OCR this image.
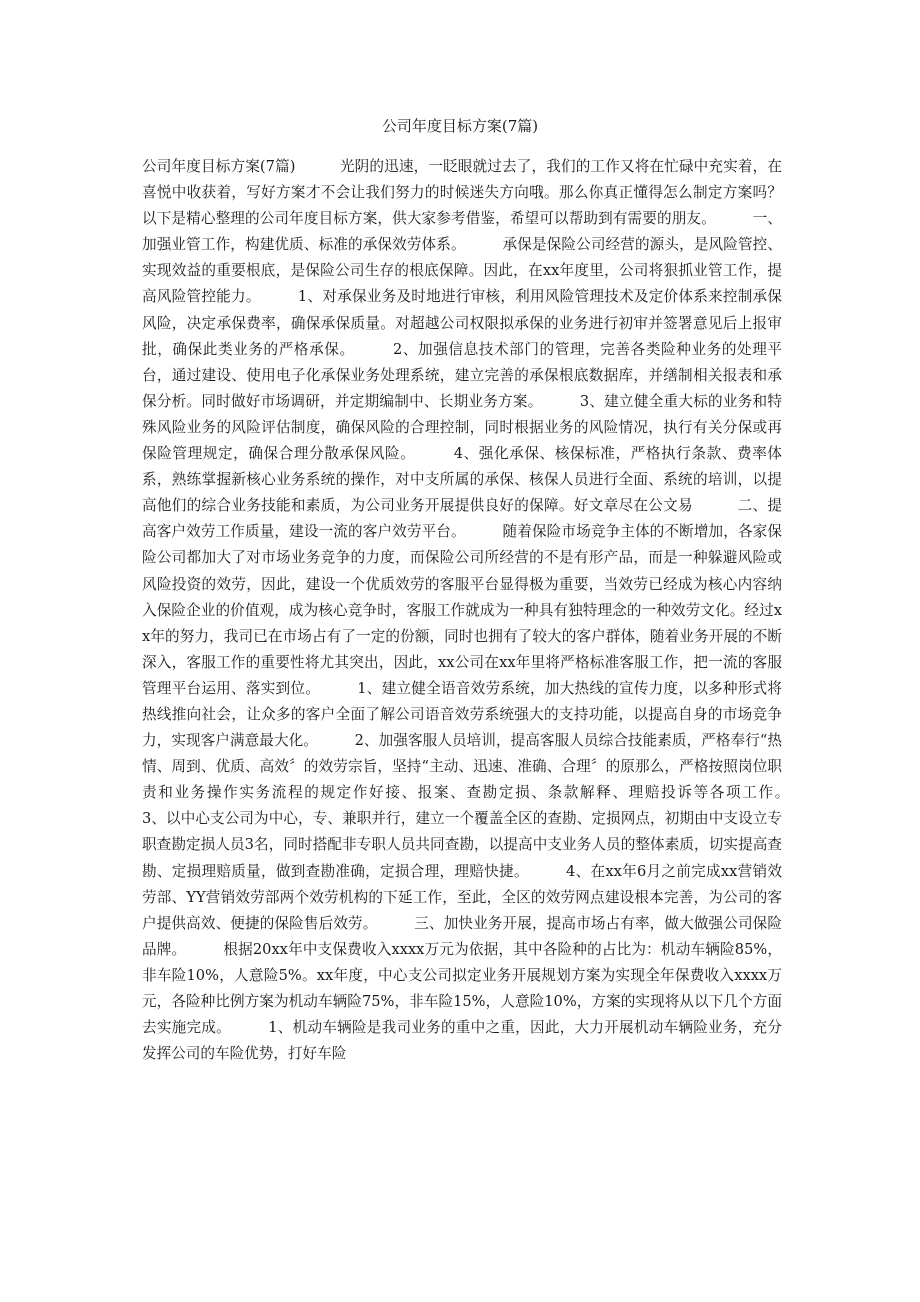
公司年度目标方案(7篇)

公司年度目标方案(7篇)　　　光阴的迅速，一眨眼就过去了，我们的工作又将在忙碌中充实着，在喜悦中收获着，写好方案才不会让我们努力的时候迷失方向哦。那么你真正懂得怎么制定方案吗？以下是精心整理的公司年度目标方案，供大家参考借鉴，希望可以帮助到有需要的朋友。　　　一、加强业管工作，构建优质、标准的承保效劳体系。　　　承保是保险公司经营的源头，是风险管控、实现效益的重要根底，是保险公司生存的根底保障。因此，在xx年度里，公司将狠抓业管工作，提高风险管控能力。　　　1、对承保业务及时地进行审核，利用风险管理技术及定价体系来控制承保风险，决定承保费率，确保承保质量。对超越公司权限拟承保的业务进行初审并签署意见后上报审批，确保此类业务的严格承保。　　　2、加强信息技术部门的管理，完善各类险种业务的处理平台，通过建设、使用电子化承保业务处理系统，建立完善的承保根底数据库，并缮制相关报表和承保分析。同时做好市场调研，并定期编制中、长期业务方案。　　　3、建立健全重大标的业务和特殊风险业务的风险评估制度，确保风险的合理控制，同时根据业务的风险情况，执行有关分保或再保险管理规定，确保合理分散承保风险。　　　4、强化承保、核保标准，严格执行条款、费率体系，熟练掌握新核心业务系统的操作，对中支所属的承保、核保人员进行全面、系统的培训，以提高他们的综合业务技能和素质，为公司业务开展提供良好的保障。好文章尽在公文易　　　二、提高客户效劳工作质量，建设一流的客户效劳平台。　　　随着保险市场竞争主体的不断增加，各家保险公司都加大了对市场业务竞争的力度，而保险公司所经营的不是有形产品，而是一种躲避风险或风险投资的效劳，因此，建设一个优质效劳的客服平台显得极为重要，当效劳已经成为核心内容纳入保险企业的价值观，成为核心竞争时，客服工作就成为一种具有独特理念的一种效劳文化。经过xx年的努力，我司已在市场占有了一定的份额，同时也拥有了较大的客户群体，随着业务开展的不断深入，客服工作的重要性将尤其突出，因此，xx公司在xx年里将严格标准客服工作，把一流的客服管理平台运用、落实到位。　　　1、建立健全语音效劳系统，加大热线的宣传力度，以多种形式将热线推向社会，让众多的客户全面了解公司语音效劳系统强大的支持功能，以提高自身的市场竞争力，实现客户满意最大化。　　　2、加强客服人员培训，提高客服人员综合技能素质，严格奉行“热情、周到、优质、高效〞的效劳宗旨，坚持“主动、迅速、准确、合理〞的原那么，严格按照岗位职责和业务操作实务流程的规定作好接、报案、查勘定损、条款解释、理赔投诉等各项工作。　　　3、以中心支公司为中心，专、兼职并行，建立一个覆盖全区的查勘、定损网点，初期由中支设立专职查勘定损人员3名，同时搭配非专职人员共同查勘，以提高中支业务人员的整体素质，切实提高查勘、定损理赔质量，做到查勘准确，定损合理，理赔快捷。　　　4、在xx年6月之前完成xx营销效劳部、YY营销效劳部两个效劳机构的下延工作，至此，全区的效劳网点建设根本完善，为公司的客户提供高效、便捷的保险售后效劳。　　　三、加快业务开展，提高市场占有率，做大做强公司保险品牌。　　　根据20xx年中支保费收入xxxx万元为依据，其中各险种的占比为：机动车辆险85%，非车险10%，人意险5%。xx年度，中心支公司拟定业务开展规划方案为实现全年保费收入xxxx万元，各险种比例方案为机动车辆险75%，非车险15%，人意险10%，方案的实现将从以下几个方面去实施完成。　　　1、机动车辆险是我司业务的重中之重，因此，大力开展机动车辆险业务，充分发挥公司的车险优势，打好车险
